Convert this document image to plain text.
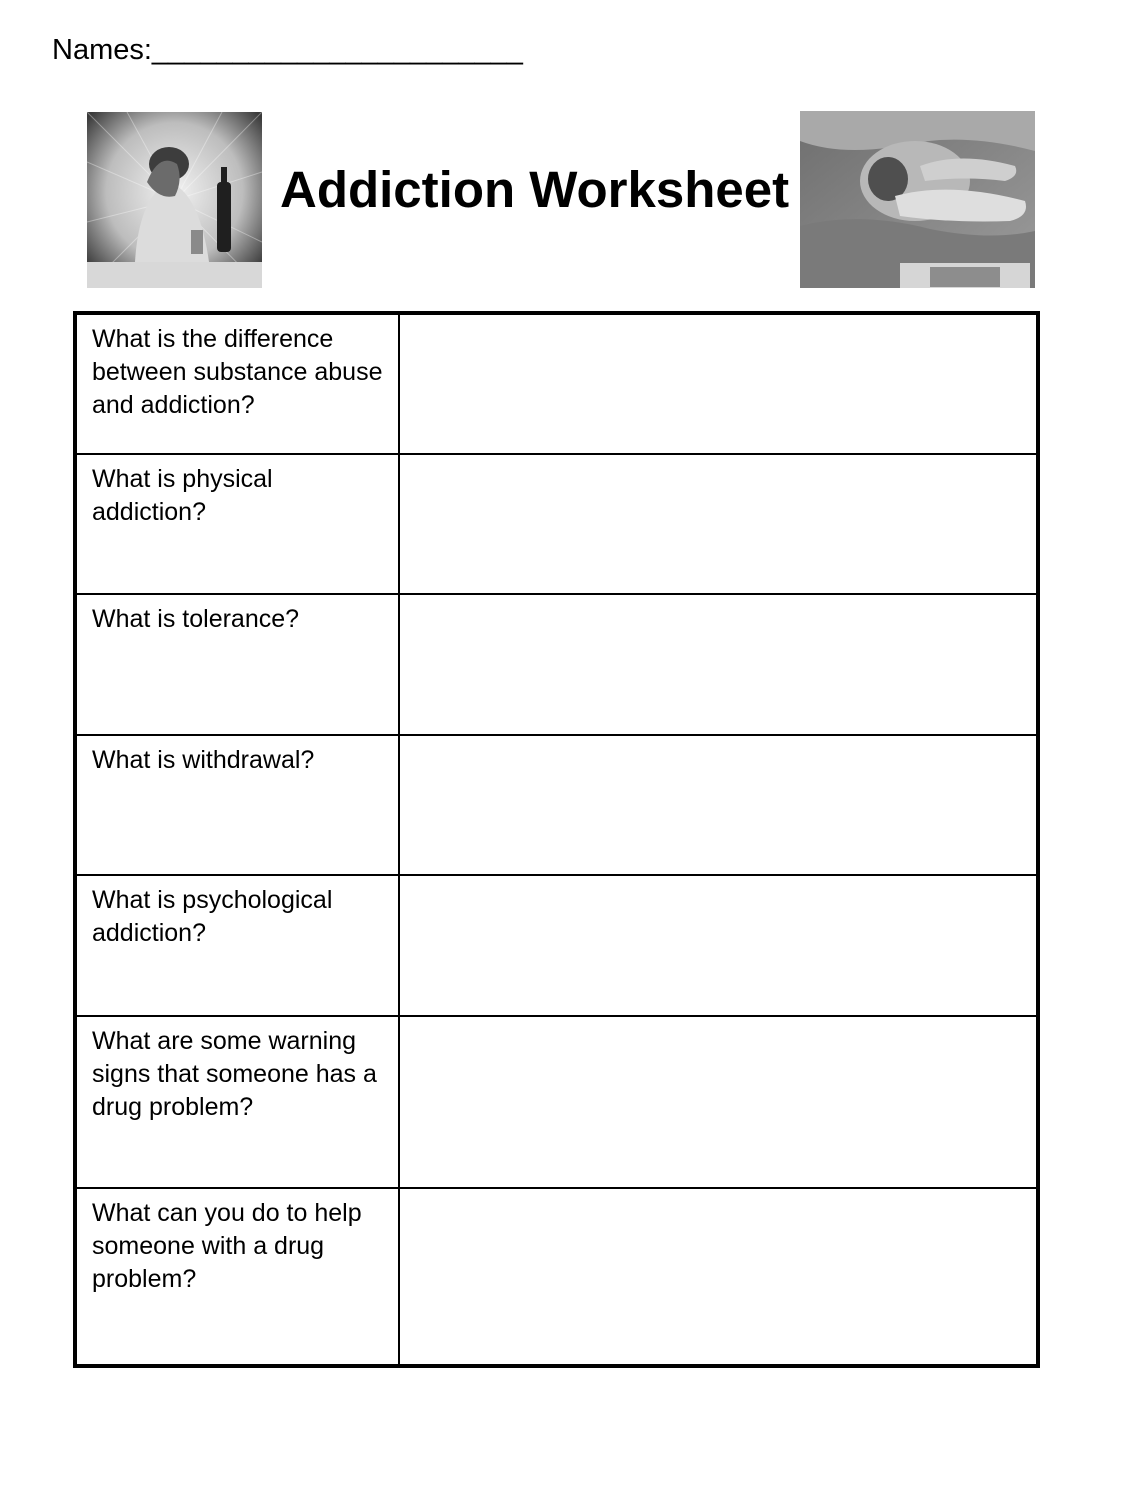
Names:_______________________
Addiction Worksheet
What is the difference between substance abuse and addiction?	
What is physical addiction?	
What is tolerance?	
What is withdrawal?	
What is psychological addiction?	
What are some warning signs that someone has a drug problem?	
What can you do to help someone with a drug problem?	
